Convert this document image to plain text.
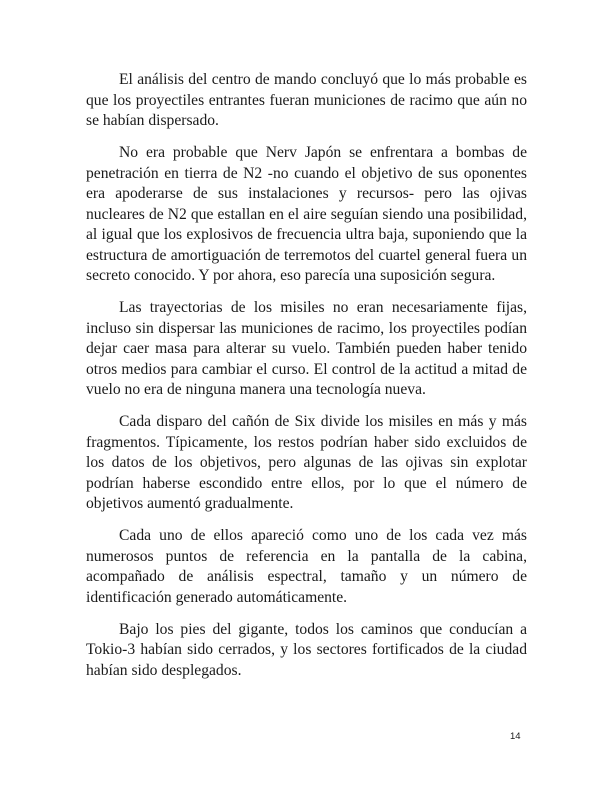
El análisis del centro de mando concluyó que lo más probable es que los proyectiles entrantes fueran municiones de racimo que aún no se habían dispersado.

No era probable que Nerv Japón se enfrentara a bombas de penetración en tierra de N2 -no cuando el objetivo de sus oponentes era apoderarse de sus instalaciones y recursos- pero las ojivas nucleares de N2 que estallan en el aire seguían siendo una posibilidad, al igual que los explosivos de frecuencia ultra baja, suponiendo que la estructura de amortiguación de terremotos del cuartel general fuera un secreto conocido. Y por ahora, eso parecía una suposición segura.

Las trayectorias de los misiles no eran necesariamente fijas, incluso sin dispersar las municiones de racimo, los proyectiles podían dejar caer masa para alterar su vuelo. También pueden haber tenido otros medios para cambiar el curso. El control de la actitud a mitad de vuelo no era de ninguna manera una tecnología nueva.

Cada disparo del cañón de Six divide los misiles en más y más fragmentos. Típicamente, los restos podrían haber sido excluidos de los datos de los objetivos, pero algunas de las ojivas sin explotar podrían haberse escondido entre ellos, por lo que el número de objetivos aumentó gradualmente.

Cada uno de ellos apareció como uno de los cada vez más numerosos puntos de referencia en la pantalla de la cabina, acompañado de análisis espectral, tamaño y un número de identificación generado automáticamente.

Bajo los pies del gigante, todos los caminos que conducían a Tokio-3 habían sido cerrados, y los sectores fortificados de la ciudad habían sido desplegados.

14
